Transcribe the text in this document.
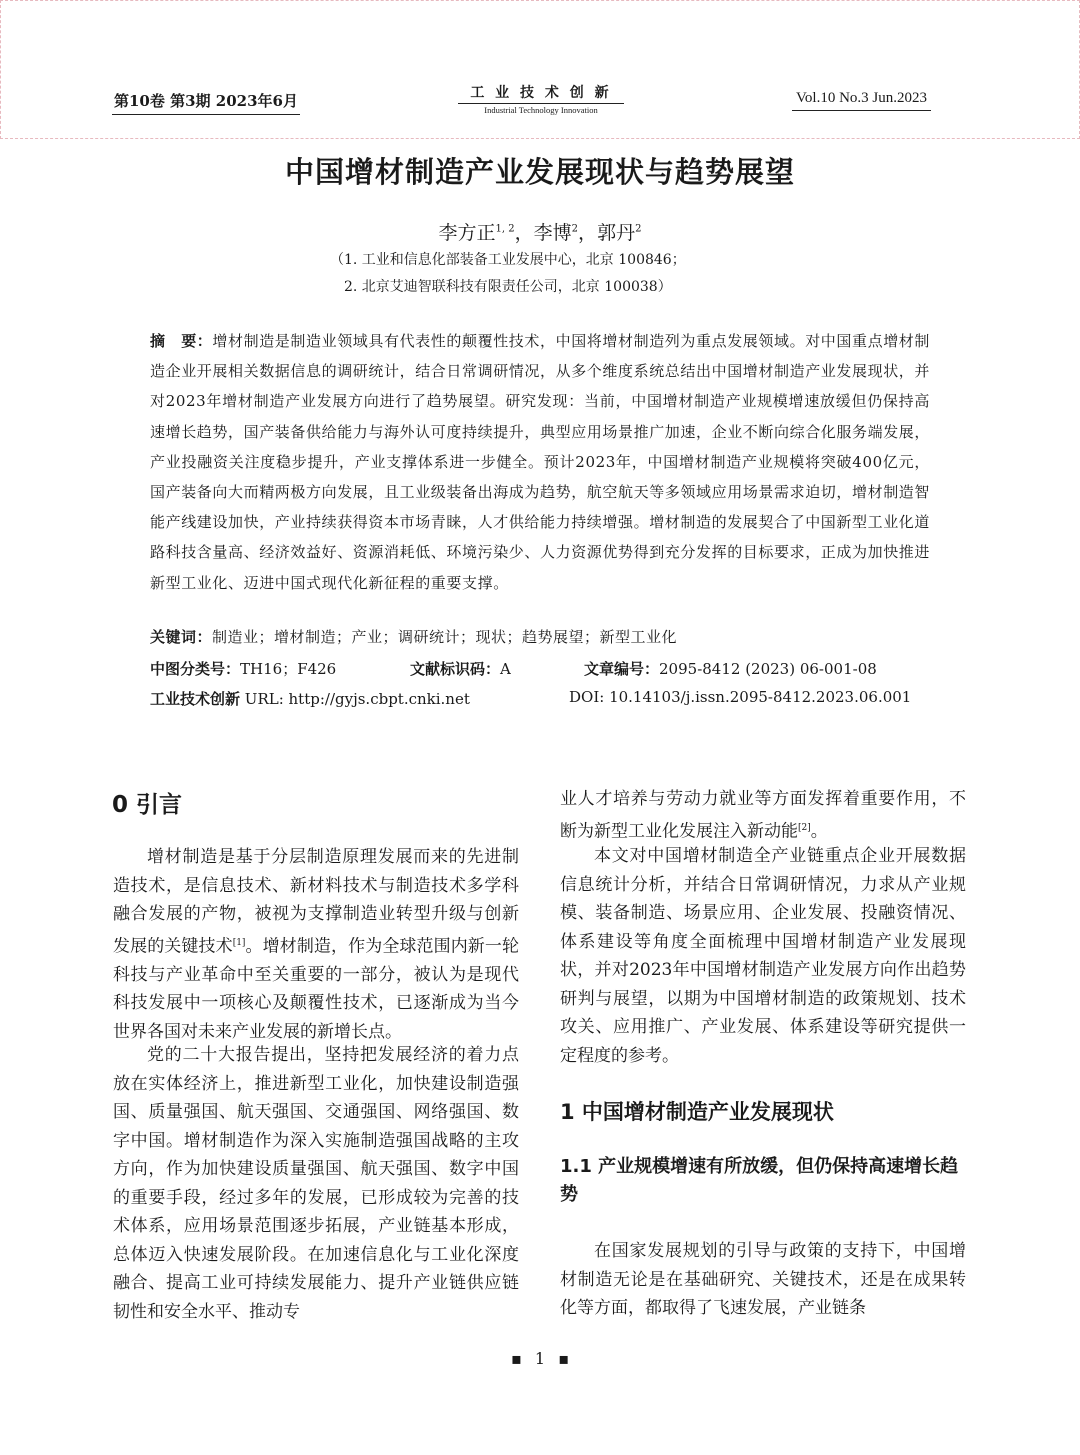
第10卷 第3期 2023年6月	工 业 技 术 创 新
Industrial Technology Innovation
Vol.10 No.3 Jun.2023
中国增材制造产业发展现状与趋势展望
李方正$^{1, 2}$，李博$^2$，郭丹$^2$
（1. 工业和信息化部装备工业发展中心，北京 100846；
2. 北京艾迪智联科技有限责任公司，北京 100038）
摘　要：增材制造是制造业领域具有代表性的颠覆性技术，中国将增材制造列为重点发展领域。对中国重点增材制造企业开展相关数据信息的调研统计，结合日常调研情况，从多个维度系统总结出中国增材制造产业发展现状，并对2023年增材制造产业发展方向进行了趋势展望。研究发现：当前，中国增材制造产业规模增速放缓但仍保持高速增长趋势，国产装备供给能力与海外认可度持续提升，典型应用场景推广加速，企业不断向综合化服务端发展，产业投融资关注度稳步提升，产业支撑体系进一步健全。预计2023年，中国增材制造产业规模将突破400亿元，国产装备向大而精两极方向发展，且工业级装备出海成为趋势，航空航天等多领域应用场景需求迫切，增材制造智能产线建设加快，产业持续获得资本市场青睐，人才供给能力持续增强。增材制造的发展契合了中国新型工业化道路科技含量高、经济效益好、资源消耗低、环境污染少、人力资源优势得到充分发挥的目标要求，正成为加快推进新型工业化、迈进中国式现代化新征程的重要支撑。
关键词：制造业；增材制造；产业；调研统计；现状；趋势展望；新型工业化
中图分类号：TH16；F426	文献标识码：A	文章编号：2095-8412 (2023) 06-001-08
工业技术创新 URL: http://gyjs.cbpt.cnki.net	DOI: 10.14103/j.issn.2095-8412.2023.06.001
0 引言

增材制造是基于分层制造原理发展而来的先进制造技术，是信息技术、新材料技术与制造技术多学科融合发展的产物，被视为支撑制造业转型升级与创新发展的关键技术[1]。增材制造，作为全球范围内新一轮科技与产业革命中至关重要的一部分，被认为是现代科技发展中一项核心及颠覆性技术，已逐渐成为当今世界各国对未来产业发展的新增长点。

党的二十大报告提出，坚持把发展经济的着力点放在实体经济上，推进新型工业化，加快建设制造强国、质量强国、航天强国、交通强国、网络强国、数字中国。增材制造作为深入实施制造强国战略的主攻方向，作为加快建设质量强国、航天强国、数字中国的重要手段，经过多年的发展，已形成较为完善的技术体系，应用场景范围逐步拓展，产业链基本形成，总体迈入快速发展阶段。在加速信息化与工业化深度融合、提高工业可持续发展能力、提升产业链供应链韧性和安全水平、推动专

业人才培养与劳动力就业等方面发挥着重要作用，不断为新型工业化发展注入新动能[2]。

本文对中国增材制造全产业链重点企业开展数据信息统计分析，并结合日常调研情况，力求从产业规模、装备制造、场景应用、企业发展、投融资情况、体系建设等角度全面梳理中国增材制造产业发展现状，并对2023年中国增材制造产业发展方向作出趋势研判与展望，以期为中国增材制造的政策规划、技术攻关、应用推广、产业发展、体系建设等研究提供一定程度的参考。

1 中国增材制造产业发展现状
1.1 产业规模增速有所放缓，但仍保持高速增长趋势

在国家发展规划的引导与政策的支持下，中国增材制造无论是在基础研究、关键技术，还是在成果转化等方面，都取得了飞速发展，产业链条

▪ 1 ▪
